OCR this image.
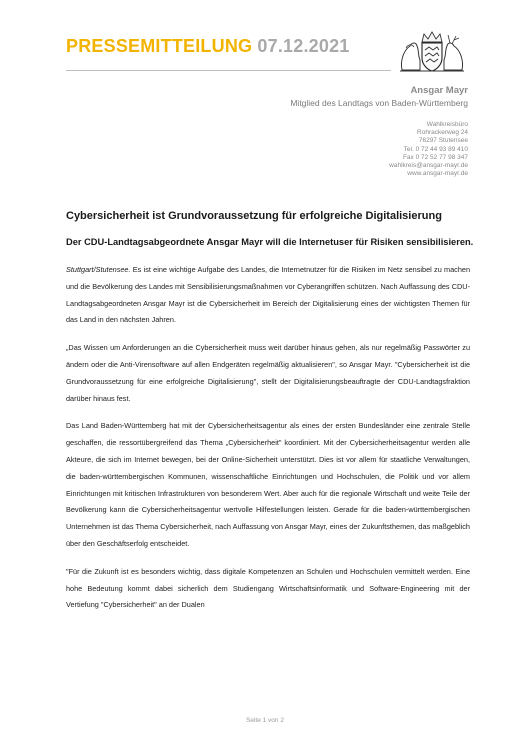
PRESSEMITTEILUNG 07.12.2021
Ansgar Mayr
Mitglied des Landtags von Baden-Württemberg
Wahlkreisbüro
Rohrackerweg 24
76297 Stutensee
Tel. 0 72 44 93 89 410
Fax 0 72 52 77 98 347
wahlkreis@ansgar-mayr.de
www.ansgar-mayr.de
Cybersicherheit ist Grundvoraussetzung für erfolgreiche Digitalisierung
Der CDU-Landtagsabgeordnete Ansgar Mayr will die Internetuser für Risiken sensibilisieren.

Stuttgart/Stutensee. Es ist eine wichtige Aufgabe des Landes, die Internetnutzer für die Risiken im Netz sensibel zu machen und die Bevölkerung des Landes mit Sensibilisierungsmaßnahmen vor Cyberangriffen schützen. Nach Auffassung des CDU-Landtagsabgeordneten Ansgar Mayr ist die Cybersicherheit im Bereich der Digitalisierung eines der wichtigsten Themen für das Land in den nächsten Jahren.

„Das Wissen um Anforderungen an die Cybersicherheit muss weit darüber hinaus gehen, als nur regelmäßig Passwörter zu ändern oder die Anti-Virensoftware auf allen Endgeräten regelmäßig aktualisieren", so Ansgar Mayr. "Cybersicherheit ist die Grundvoraussetzung für eine erfolgreiche Digitalisierung", stellt der Digitalisierungsbeauftragte der CDU-Landtagsfraktion darüber hinaus fest.

Das Land Baden-Württemberg hat mit der Cybersicherheitsagentur als eines der ersten Bundesländer eine zentrale Stelle geschaffen, die ressortübergreifend das Thema „Cybersicherheit" koordiniert. Mit der Cybersicherheitsagentur werden alle Akteure, die sich im Internet bewegen, bei der Online-Sicherheit unterstützt. Dies ist vor allem für staatliche Verwaltungen, die baden-württembergischen Kommunen, wissenschaftliche Einrichtungen und Hochschulen, die Politik und vor allem Einrichtungen mit kritischen Infrastrukturen von besonderem Wert. Aber auch für die regionale Wirtschaft und weite Teile der Bevölkerung kann die Cybersicherheitsagentur wertvolle Hilfestellungen leisten. Gerade für die baden-württembergischen Unternehmen ist das Thema Cybersicherheit, nach Auffassung von Ansgar Mayr, eines der Zukunftsthemen, das maßgeblich über den Geschäftserfolg entscheidet.

"Für die Zukunft ist es besonders wichtig, dass digitale Kompetenzen an Schulen und Hochschulen vermittelt werden. Eine hohe Bedeutung kommt dabei sicherlich dem Studiengang Wirtschaftsinformatik und Software-Engineering mit der Vertiefung "Cybersicherheit" an der Dualen

Seite 1 von 2
